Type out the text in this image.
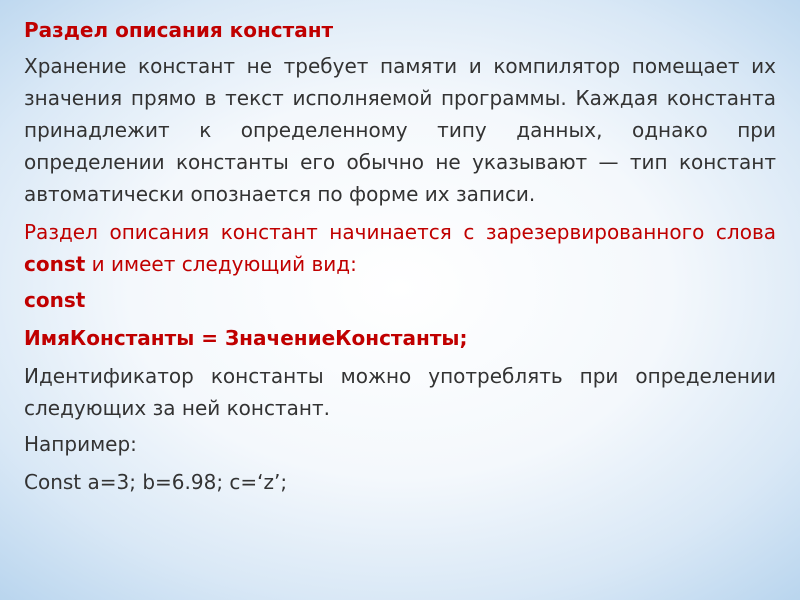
Раздел описания констант
Хранение констант не требует памяти и компилятор помещает их значения прямо в текст исполняемой программы. Каждая константа принадлежит к определенному типу данных, однако при определении константы его обычно не указывают — тип констант автоматически опознается по форме их записи.
Раздел описания констант начинается с зарезервированного слова const и имеет следующий вид:
const
ИмяКонстанты = ЗначениеКонстанты;
Идентификатор константы можно употреблять при определении следующих за ней констант.
Например:
Const a=3; b=6.98; c=‘z’;
